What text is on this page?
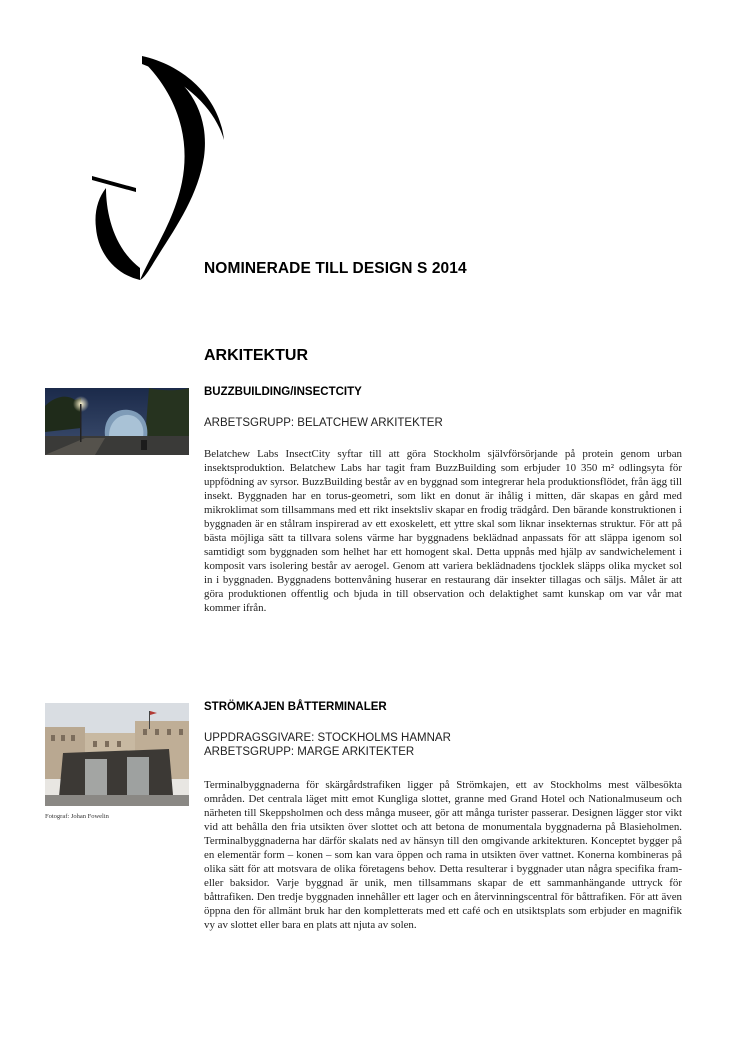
NOMINERADE TILL DESIGN S 2014
ARKITEKTUR
BUZZBUILDING/INSECTCITY
ARBETSGRUPP: BELATCHEW ARKITEKTER

Belatchew Labs InsectCity syftar till att göra Stockholm självförsörjande på protein genom urban insektsproduktion. Belatchew Labs har tagit fram BuzzBuilding som erbjuder 10 350 m² odlingsyta för uppfödning av syrsor. BuzzBuilding består av en byggnad som integrerar hela produktionsflödet, från ägg till insekt. Byggnaden har en torus-geometri, som likt en donut är ihålig i mitten, där skapas en gård med mikroklimat som tillsammans med ett rikt insektsliv skapar en frodig trädgård. Den bärande konstruktionen i byggnaden är en stålram inspirerad av ett exoskelett, ett yttre skal som liknar insekternas struktur. För att på bästa möjliga sätt ta tillvara solens värme har byggnadens beklädnad anpassats för att släppa igenom sol samtidigt som byggnaden som helhet har ett homogent skal. Detta uppnås med hjälp av sandwichelement i komposit vars isolering består av aerogel. Genom att variera beklädnadens tjocklek släpps olika mycket sol in i byggnaden. Byggnadens bottenvåning huserar en restaurang där insekter tillagas och säljs. Målet är att göra produktionen offentlig och bjuda in till observation och delaktighet samt kunskap om var vår mat kommer ifrån.

Fotograf: Johan Fowelin
STRÖMKAJEN BÅTTERMINALER
UPPDRAGSGIVARE: STOCKHOLMS HAMNAR
ARBETSGRUPP: MARGE ARKITEKTER

Terminalbyggnaderna för skärgårdstrafiken ligger på Strömkajen, ett av Stockholms mest välbesökta områden. Det centrala läget mitt emot Kungliga slottet, granne med Grand Hotel och Nationalmuseum och närheten till Skeppsholmen och dess många museer, gör att många turister passerar. Designen lägger stor vikt vid att behålla den fria utsikten över slottet och att betona de monumentala byggnaderna på Blasieholmen. Terminalbyggnaderna har därför skalats ned av hänsyn till den omgivande arkitekturen. Konceptet bygger på en elementär form – konen – som kan vara öppen och rama in utsikten över vattnet. Konerna kombineras på olika sätt för att motsvara de olika företagens behov. Detta resulterar i byggnader utan några specifika fram- eller baksidor. Varje byggnad är unik, men tillsammans skapar de ett sammanhängande uttryck för båttrafiken. Den tredje byggnaden innehåller ett lager och en återvinningscentral för båttrafiken. För att även öppna den för allmänt bruk har den kompletterats med ett café och en utsiktsplats som erbjuder en magnifik vy av slottet eller bara en plats att njuta av solen.
